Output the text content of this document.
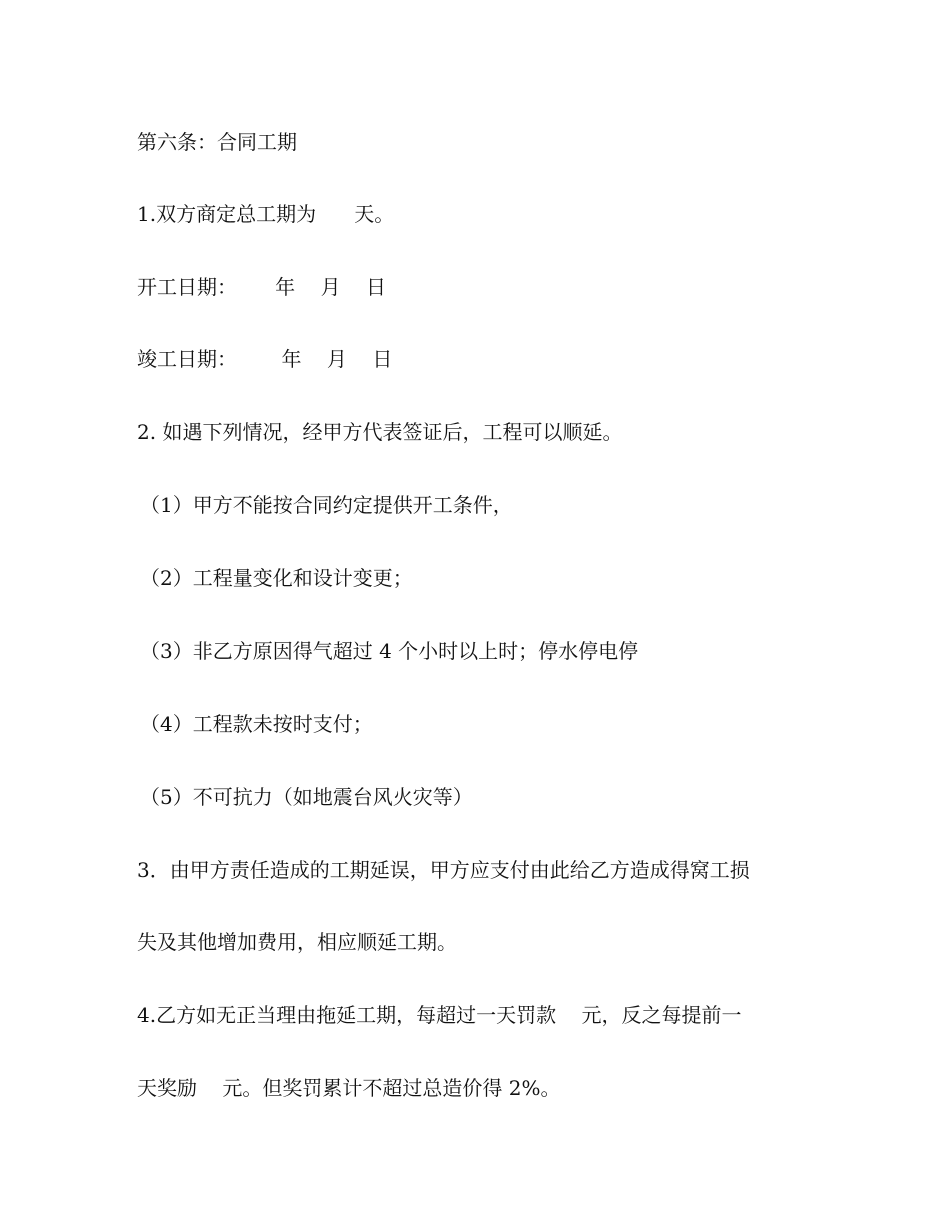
第六条：合同工期

1.双方商定总工期为      天。

开工日期：      年    月    日

竣工日期：       年    月    日

2. 如遇下列情况，经甲方代表签证后，工程可以顺延。

（1）甲方不能按合同约定提供开工条件，

（2）工程量变化和设计变更；

（3）非乙方原因得气超过 4 个小时以上时；停水停电停

（4）工程款未按时支付；

（5）不可抗力（如地震台风火灾等）

3．由甲方责任造成的工期延误，甲方应支付由此给乙方造成得窝工损

失及其他增加费用，相应顺延工期。

4.乙方如无正当理由拖延工期，每超过一天罚款    元，反之每提前一

天奖励    元。但奖罚累计不超过总造价得 2%。
